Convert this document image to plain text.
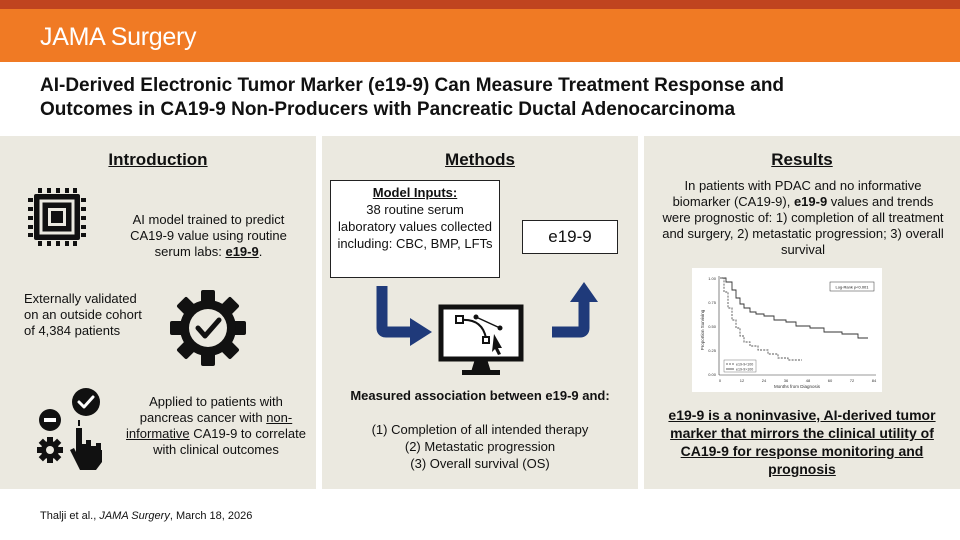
JAMA Surgery
AI-Derived Electronic Tumor Marker (e19-9) Can Measure Treatment Response and
Outcomes in CA19-9 Non-Producers with Pancreatic Ductal Adenocarcinoma
Introduction
AI model trained to predict CA19-9 value using routine serum labs: e19-9.
Externally validated on an outside cohort of 4,384 patients
Applied to patients with pancreas cancer with non-informative CA19-9 to correlate with clinical outcomes
Methods
Model Inputs:
38 routine serum laboratory values collected including: CBC, BMP, LFTs	e19-9
Measured association between e19-9 and:
(1) Completion of all intended therapy
(2) Metastatic progression
(3) Overall survival (OS)
Results
In patients with PDAC and no informative biomarker (CA19-9), e19-9 values and trends were prognostic of: 1) completion of all treatment and surgery, 2) metastatic progression; 3) overall survival
Proportion Surviving
1.00
0.75
0.50
0.25
0.00
0	12	24	36	48	60	72	84
Months from Diagnosis
Log-Rank p<0.001
e19-9<100
e19-9>100
e19-9 is a noninvasive, AI-derived tumor marker that mirrors the clinical utility of CA19-9 for response monitoring and prognosis
Thalji et al., JAMA Surgery, March 18, 2026
